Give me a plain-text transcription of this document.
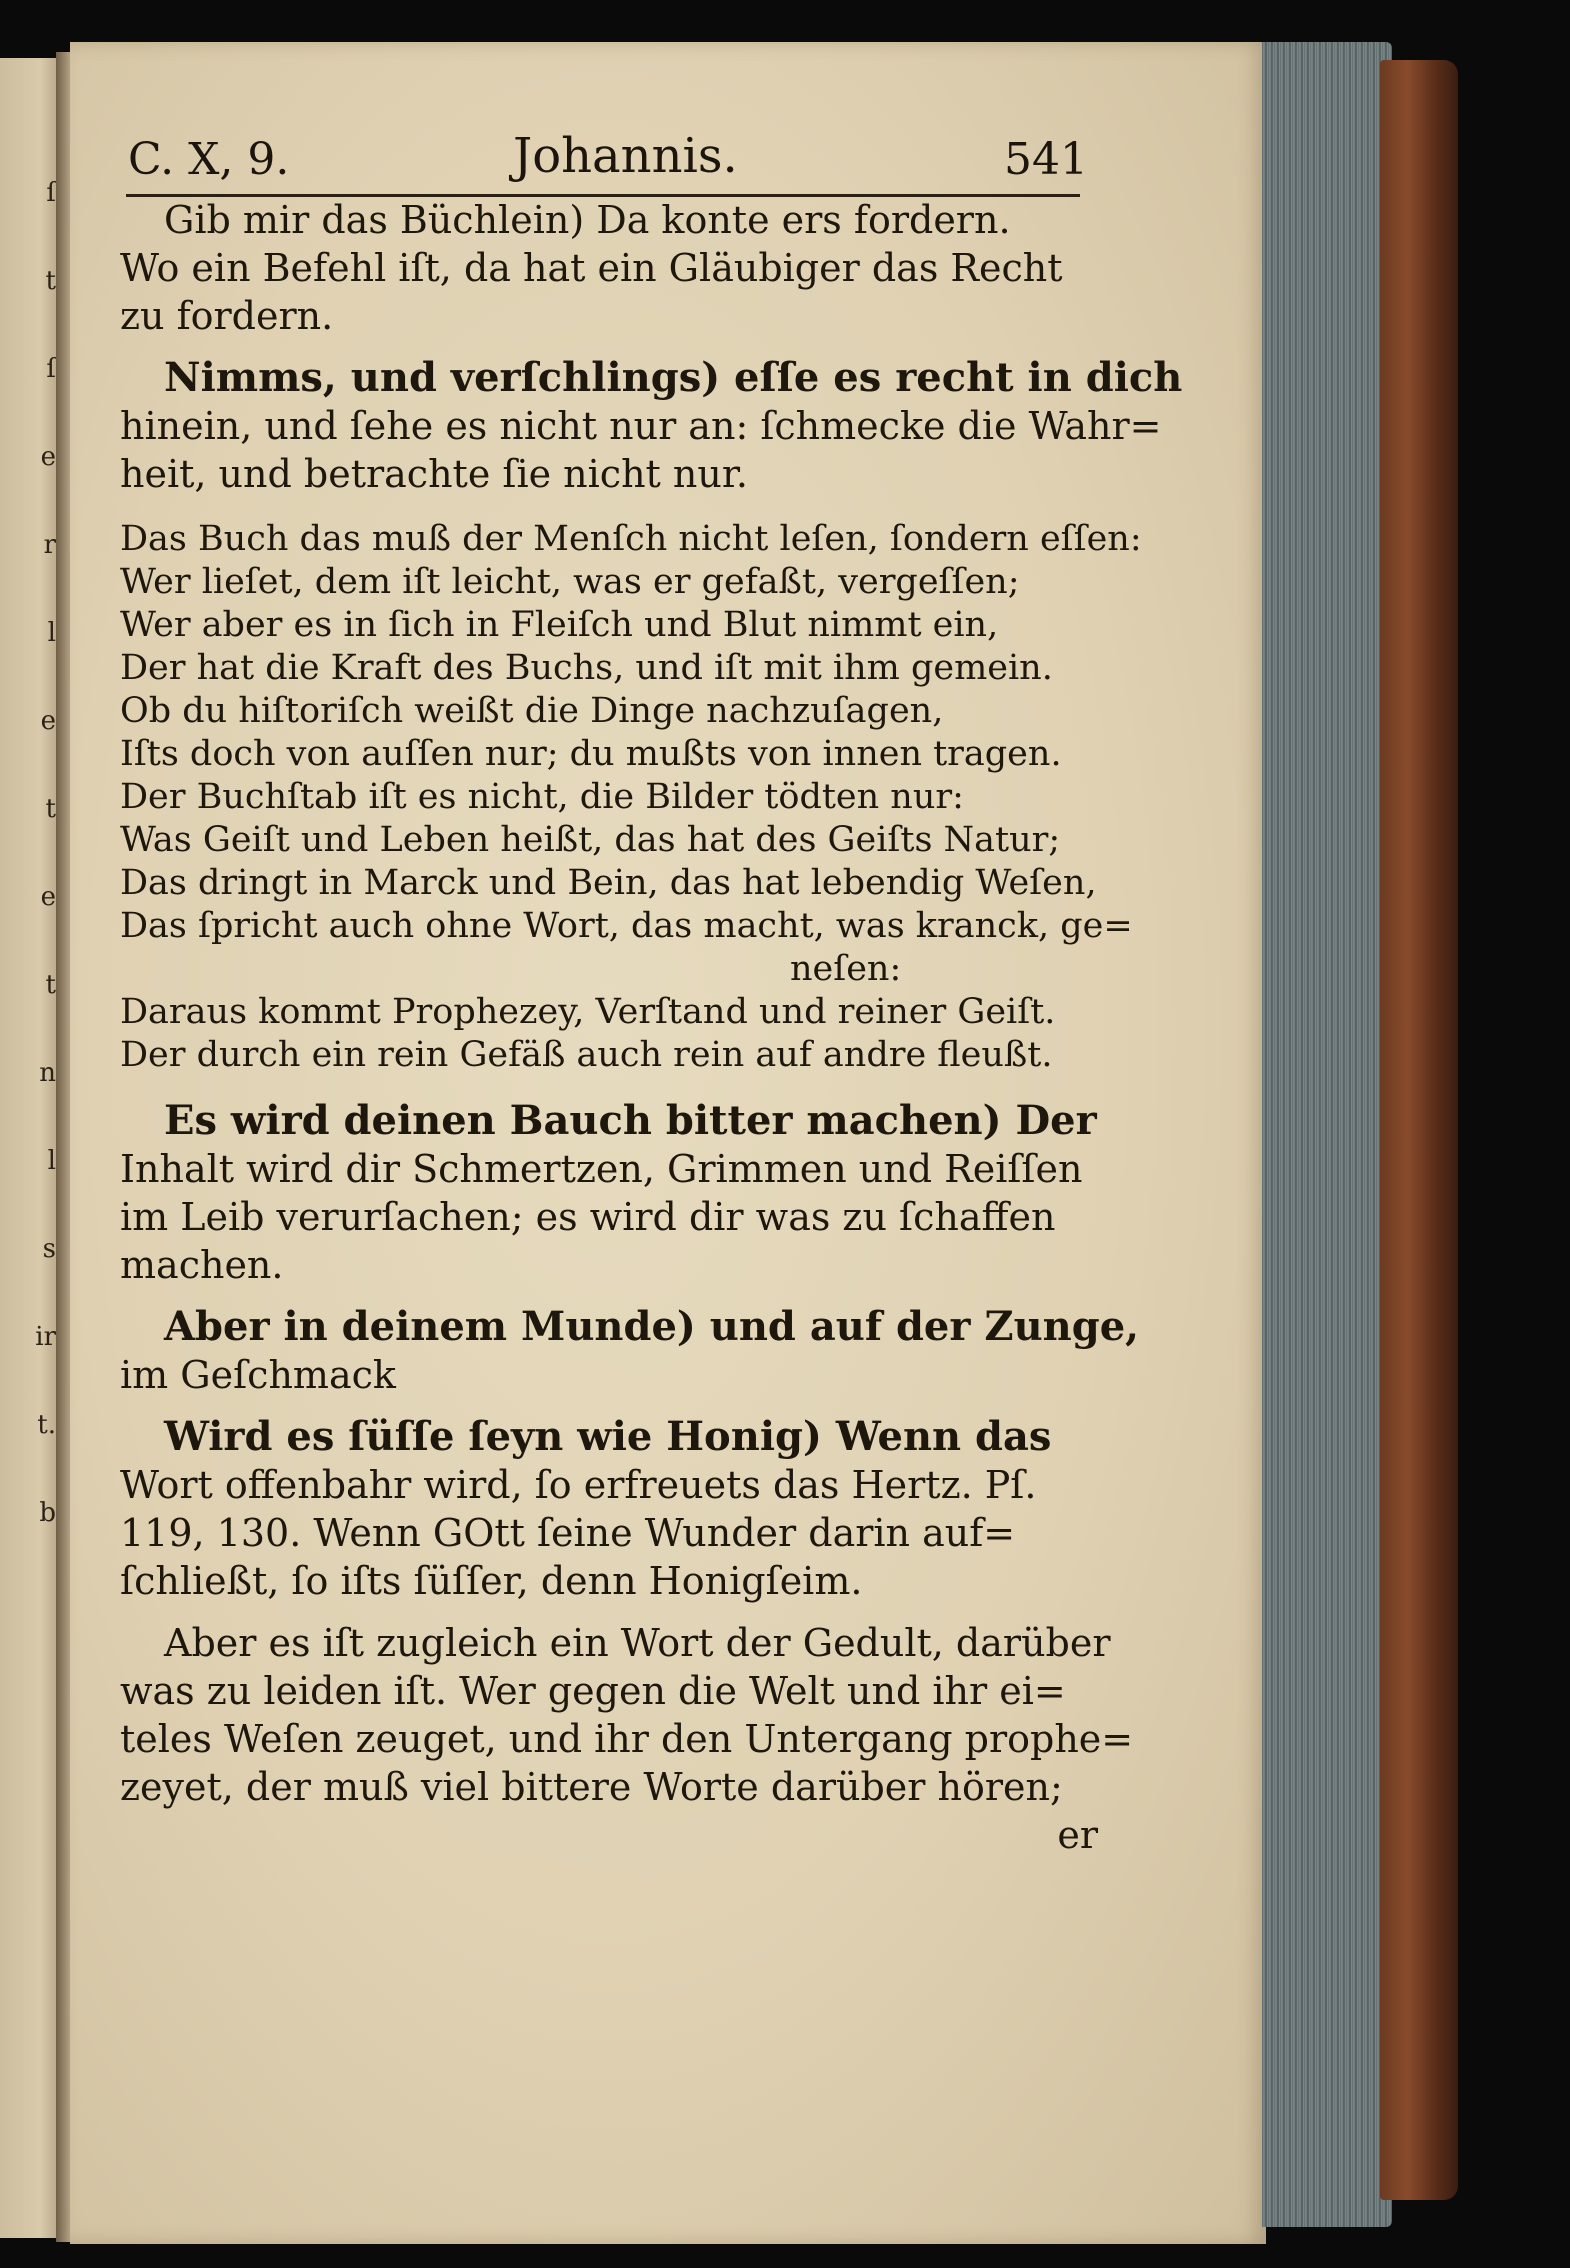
ſ
t
ſ
e
r
l
e
t
e
t
n
l
s
ir
t.
b
C. X, 9.	Johannis.	541
Gib mir das Büchlein) Da konte ers fordern.
Wo ein Befehl iſt, da hat ein Gläubiger das Recht
zu fordern.
Nimms, und verſchlings) eſſe es recht in dich
hinein, und ſehe es nicht nur an: ſchmecke die Wahr=
heit, und betrachte ſie nicht nur.
Das Buch das muß der Menſch nicht leſen, ſondern eſſen:
Wer lieſet, dem iſt leicht, was er gefaßt, vergeſſen;
Wer aber es in ſich in Fleiſch und Blut nimmt ein,
Der hat die Kraft des Buchs, und iſt mit ihm gemein.
Ob du hiſtoriſch weißt die Dinge nachzuſagen,
Iſts doch von auſſen nur; du mußts von innen tragen.
Der Buchſtab iſt es nicht, die Bilder tödten nur:
Was Geiſt und Leben heißt, das hat des Geiſts Natur;
Das dringt in Marck und Bein, das hat lebendig Weſen,
Das ſpricht auch ohne Wort, das macht, was kranck, ge=
neſen:
Daraus kommt Prophezey, Verſtand und reiner Geiſt.
Der durch ein rein Gefäß auch rein auf andre fleußt.
Es wird deinen Bauch bitter machen) Der
Inhalt wird dir Schmertzen, Grimmen und Reiſſen
im Leib verurſachen; es wird dir was zu ſchaffen
machen.
Aber in deinem Munde) und auf der Zunge,
im Geſchmack
Wird es ſüſſe ſeyn wie Honig) Wenn das
Wort offenbahr wird, ſo erfreuets das Hertz. Pſ.
119, 130. Wenn GOtt ſeine Wunder darin auf=
ſchließt, ſo iſts ſüſſer, denn Honigſeim.
Aber es iſt zugleich ein Wort der Gedult, darüber
was zu leiden iſt. Wer gegen die Welt und ihr ei=
teles Weſen zeuget, und ihr den Untergang prophe=
zeyet, der muß viel bittere Worte darüber hören;
er
